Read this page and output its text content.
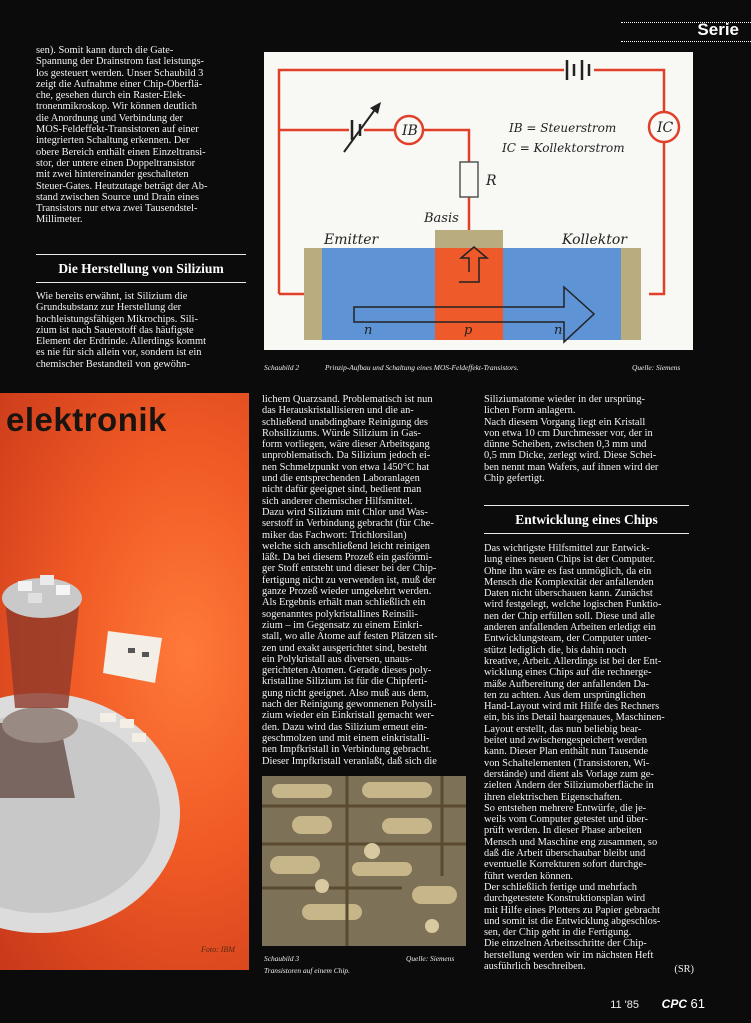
Serie
sen). Somit kann durch die Gate-
Spannung der Drainstrom fast leistungs-
los gesteuert werden. Unser Schaubild 3
zeigt die Aufnahme einer Chip-Oberflä-
che, gesehen durch ein Raster-Elek-
tronenmikroskop. Wir können deutlich
die Anordnung und Verbindung der
MOS-Feldeffekt-Transistoren auf einer
integrierten Schaltung erkennen. Der
obere Bereich enthält einen Einzeltransi-
stor, der untere einen Doppeltransistor
mit zwei hintereinander geschalteten
Steuer-Gates. Heutzutage beträgt der Ab-
stand zwischen Source und Drain eines
Transistors nur etwa zwei Tausendstel-
Millimeter.
Die Herstellung von Silizium
Wie bereits erwähnt, ist Silizium die
Grundsubstanz zur Herstellung der
hochleistungsfähigen Mikrochips. Sili-
zium ist nach Sauerstoff das häufigste
Element der Erdrinde. Allerdings kommt
es nie für sich allein vor, sondern ist ein
chemischer Bestandteil von gewöhn-
IB	IC
IB = Steuerstrom
IC = Kollektorstrom
R
Basis
Emitter	Kollektor
n	p	n
Schaubild 2	Prinzip-Aufbau und Schaltung eines MOS-Feldeffekt-Transistors.	Quelle: Siemens
elektronik
Foto: IBM
lichem Quarzsand. Problematisch ist nun
das Herauskristallisieren und die an-
schließend unabdingbare Reinigung des
Rohsiliziums. Würde Silizium in Gas-
form vorliegen, wäre dieser Arbeitsgang
unproblematisch. Da Silizium jedoch ei-
nen Schmelzpunkt von etwa 1450°C hat
und die entsprechenden Laboranlagen
nicht dafür geeignet sind, bedient man
sich anderer chemischer Hilfsmittel.
Dazu wird Silizium mit Chlor und Was-
serstoff in Verbindung gebracht (für Che-
miker das Fachwort: Trichlorsilan)
welche sich anschließend leicht reinigen
läßt. Da bei diesem Prozeß ein gasförmi-
ger Stoff entsteht und dieser bei der Chip-
fertigung nicht zu verwenden ist, muß der
ganze Prozeß wieder umgekehrt werden.
Als Ergebnis erhält man schließlich ein
sogenanntes polykristallines Reinsili-
zium – im Gegensatz zu einem Einkri-
stall, wo alle Atome auf festen Plätzen sit-
zen und exakt ausgerichtet sind, besteht
ein Polykristall aus diversen, unaus-
gerichteten Atomen. Gerade dieses poly-
kristalline Silizium ist für die Chipferti-
gung nicht geeignet. Also muß aus dem,
nach der Reinigung gewonnenen Polysili-
zium wieder ein Einkristall gemacht wer-
den. Dazu wird das Silizium erneut ein-
geschmolzen und mit einem einkristalli-
nen Impfkristall in Verbindung gebracht.
Dieser Impfkristall veranlaßt, daß sich die
Schaubild 3	Quelle: Siemens
Transistoren auf einem Chip.
Siliziumatome wieder in der ursprüng-
lichen Form anlagern.
Nach diesem Vorgang liegt ein Kristall
von etwa 10 cm Durchmesser vor, der in
dünne Scheiben, zwischen 0,3 mm und
0,5 mm Dicke, zerlegt wird. Diese Schei-
ben nennt man Wafers, auf ihnen wird der
Chip gefertigt.
Entwicklung eines Chips
Das wichtigste Hilfsmittel zur Entwick-
lung eines neuen Chips ist der Computer.
Ohne ihn wäre es fast unmöglich, da ein
Mensch die Komplexität der anfallenden
Daten nicht überschauen kann. Zunächst
wird festgelegt, welche logischen Funktio-
nen der Chip erfüllen soll. Diese und alle
anderen anfallenden Arbeiten erledigt ein
Entwicklungsteam, der Computer unter-
stützt lediglich die, bis dahin noch
kreative, Arbeit. Allerdings ist bei der Ent-
wicklung eines Chips auf die rechnerge-
mäße Aufbereitung der anfallenden Da-
ten zu achten. Aus dem ursprünglichen
Hand-Layout wird mit Hilfe des Rechners
ein, bis ins Detail haargenaues, Maschinen-
Layout erstellt, das nun beliebig bear-
beitet und zwischengespeichert werden
kann. Dieser Plan enthält nun Tausende
von Schaltelementen (Transistoren, Wi-
derstände) und dient als Vorlage zum ge-
zielten Ändern der Siliziumoberfläche in
ihren elektrischen Eigenschaften.
So entstehen mehrere Entwürfe, die je-
weils vom Computer getestet und über-
prüft werden. In dieser Phase arbeiten
Mensch und Maschine eng zusammen, so
daß die Arbeit überschaubar bleibt und
eventuelle Korrekturen sofort durchge-
führt werden können.
Der schließlich fertige und mehrfach
durchgetestete Konstruktionsplan wird
mit Hilfe eines Plotters zu Papier gebracht
und somit ist die Entwicklung abgeschlos-
sen, der Chip geht in die Fertigung.
Die einzelnen Arbeitsschritte der Chip-
herstellung werden wir im nächsten Heft
ausführlich beschreiben.	(SR)
11 '85 CPC 61
